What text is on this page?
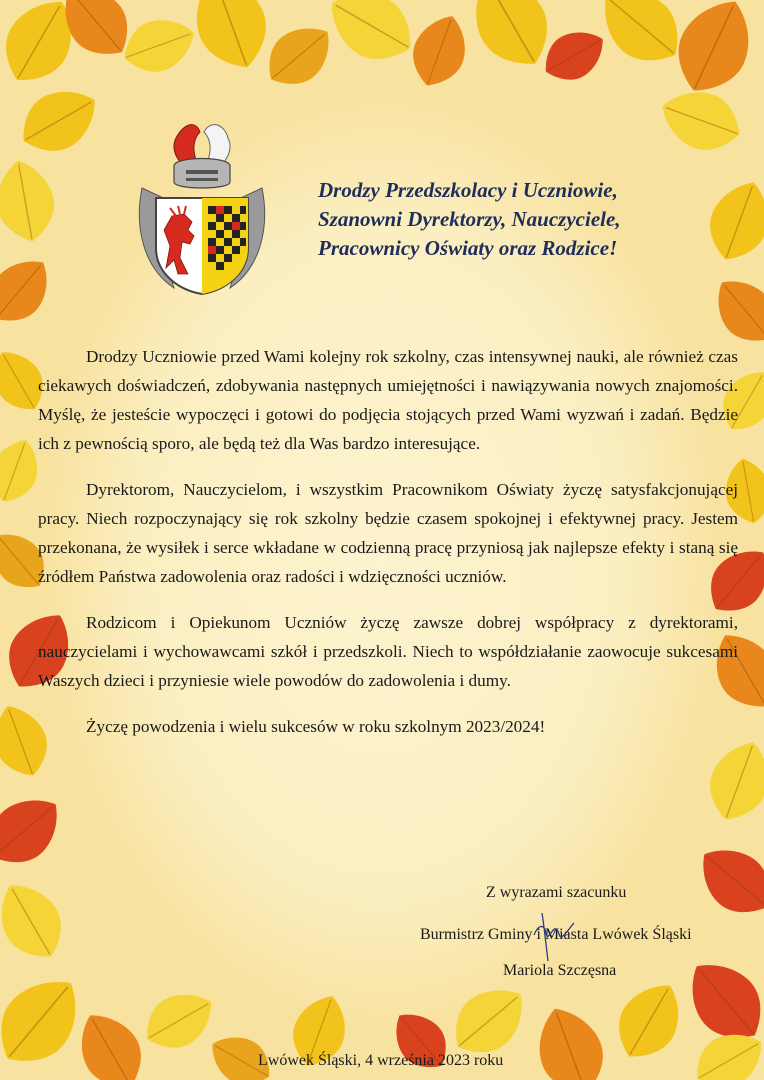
Drodzy Przedszkolacy i Uczniowie,
Szanowni Dyrektorzy, Nauczyciele,
Pracownicy Oświaty oraz Rodzice!

Drodzy Uczniowie przed Wami kolejny rok szkolny, czas intensywnej nauki, ale również czas ciekawych doświadczeń, zdobywania następnych umiejętności i nawiązywania nowych znajomości. Myślę, że jesteście wypoczęci i gotowi do podjęcia stojących przed Wami wyzwań i zadań. Będzie ich z pewnością sporo, ale będą też dla Was bardzo interesujące.

Dyrektorom, Nauczycielom, i wszystkim Pracownikom Oświaty życzę satysfakcjonującej pracy. Niech rozpoczynający się rok szkolny będzie czasem spokojnej i efektywnej pracy. Jestem przekonana, że wysiłek i serce wkładane w codzienną pracę przyniosą jak najlepsze efekty i staną się źródłem Państwa zadowolenia oraz radości i wdzięczności uczniów.

Rodzicom i Opiekunom Uczniów życzę zawsze dobrej współpracy z dyrektorami, nauczycielami i wychowawcami szkół i przedszkoli. Niech to współdziałanie zaowocuje sukcesami Waszych dzieci i przyniesie wiele powodów do zadowolenia i dumy.

Życzę powodzenia i wielu sukcesów w roku szkolnym 2023/2024!

Z wyrazami szacunku
Burmistrz Gminy i Miasta Lwówek Śląski
Mariola Szczęsna
Lwówek Śląski, 4 września 2023 roku
